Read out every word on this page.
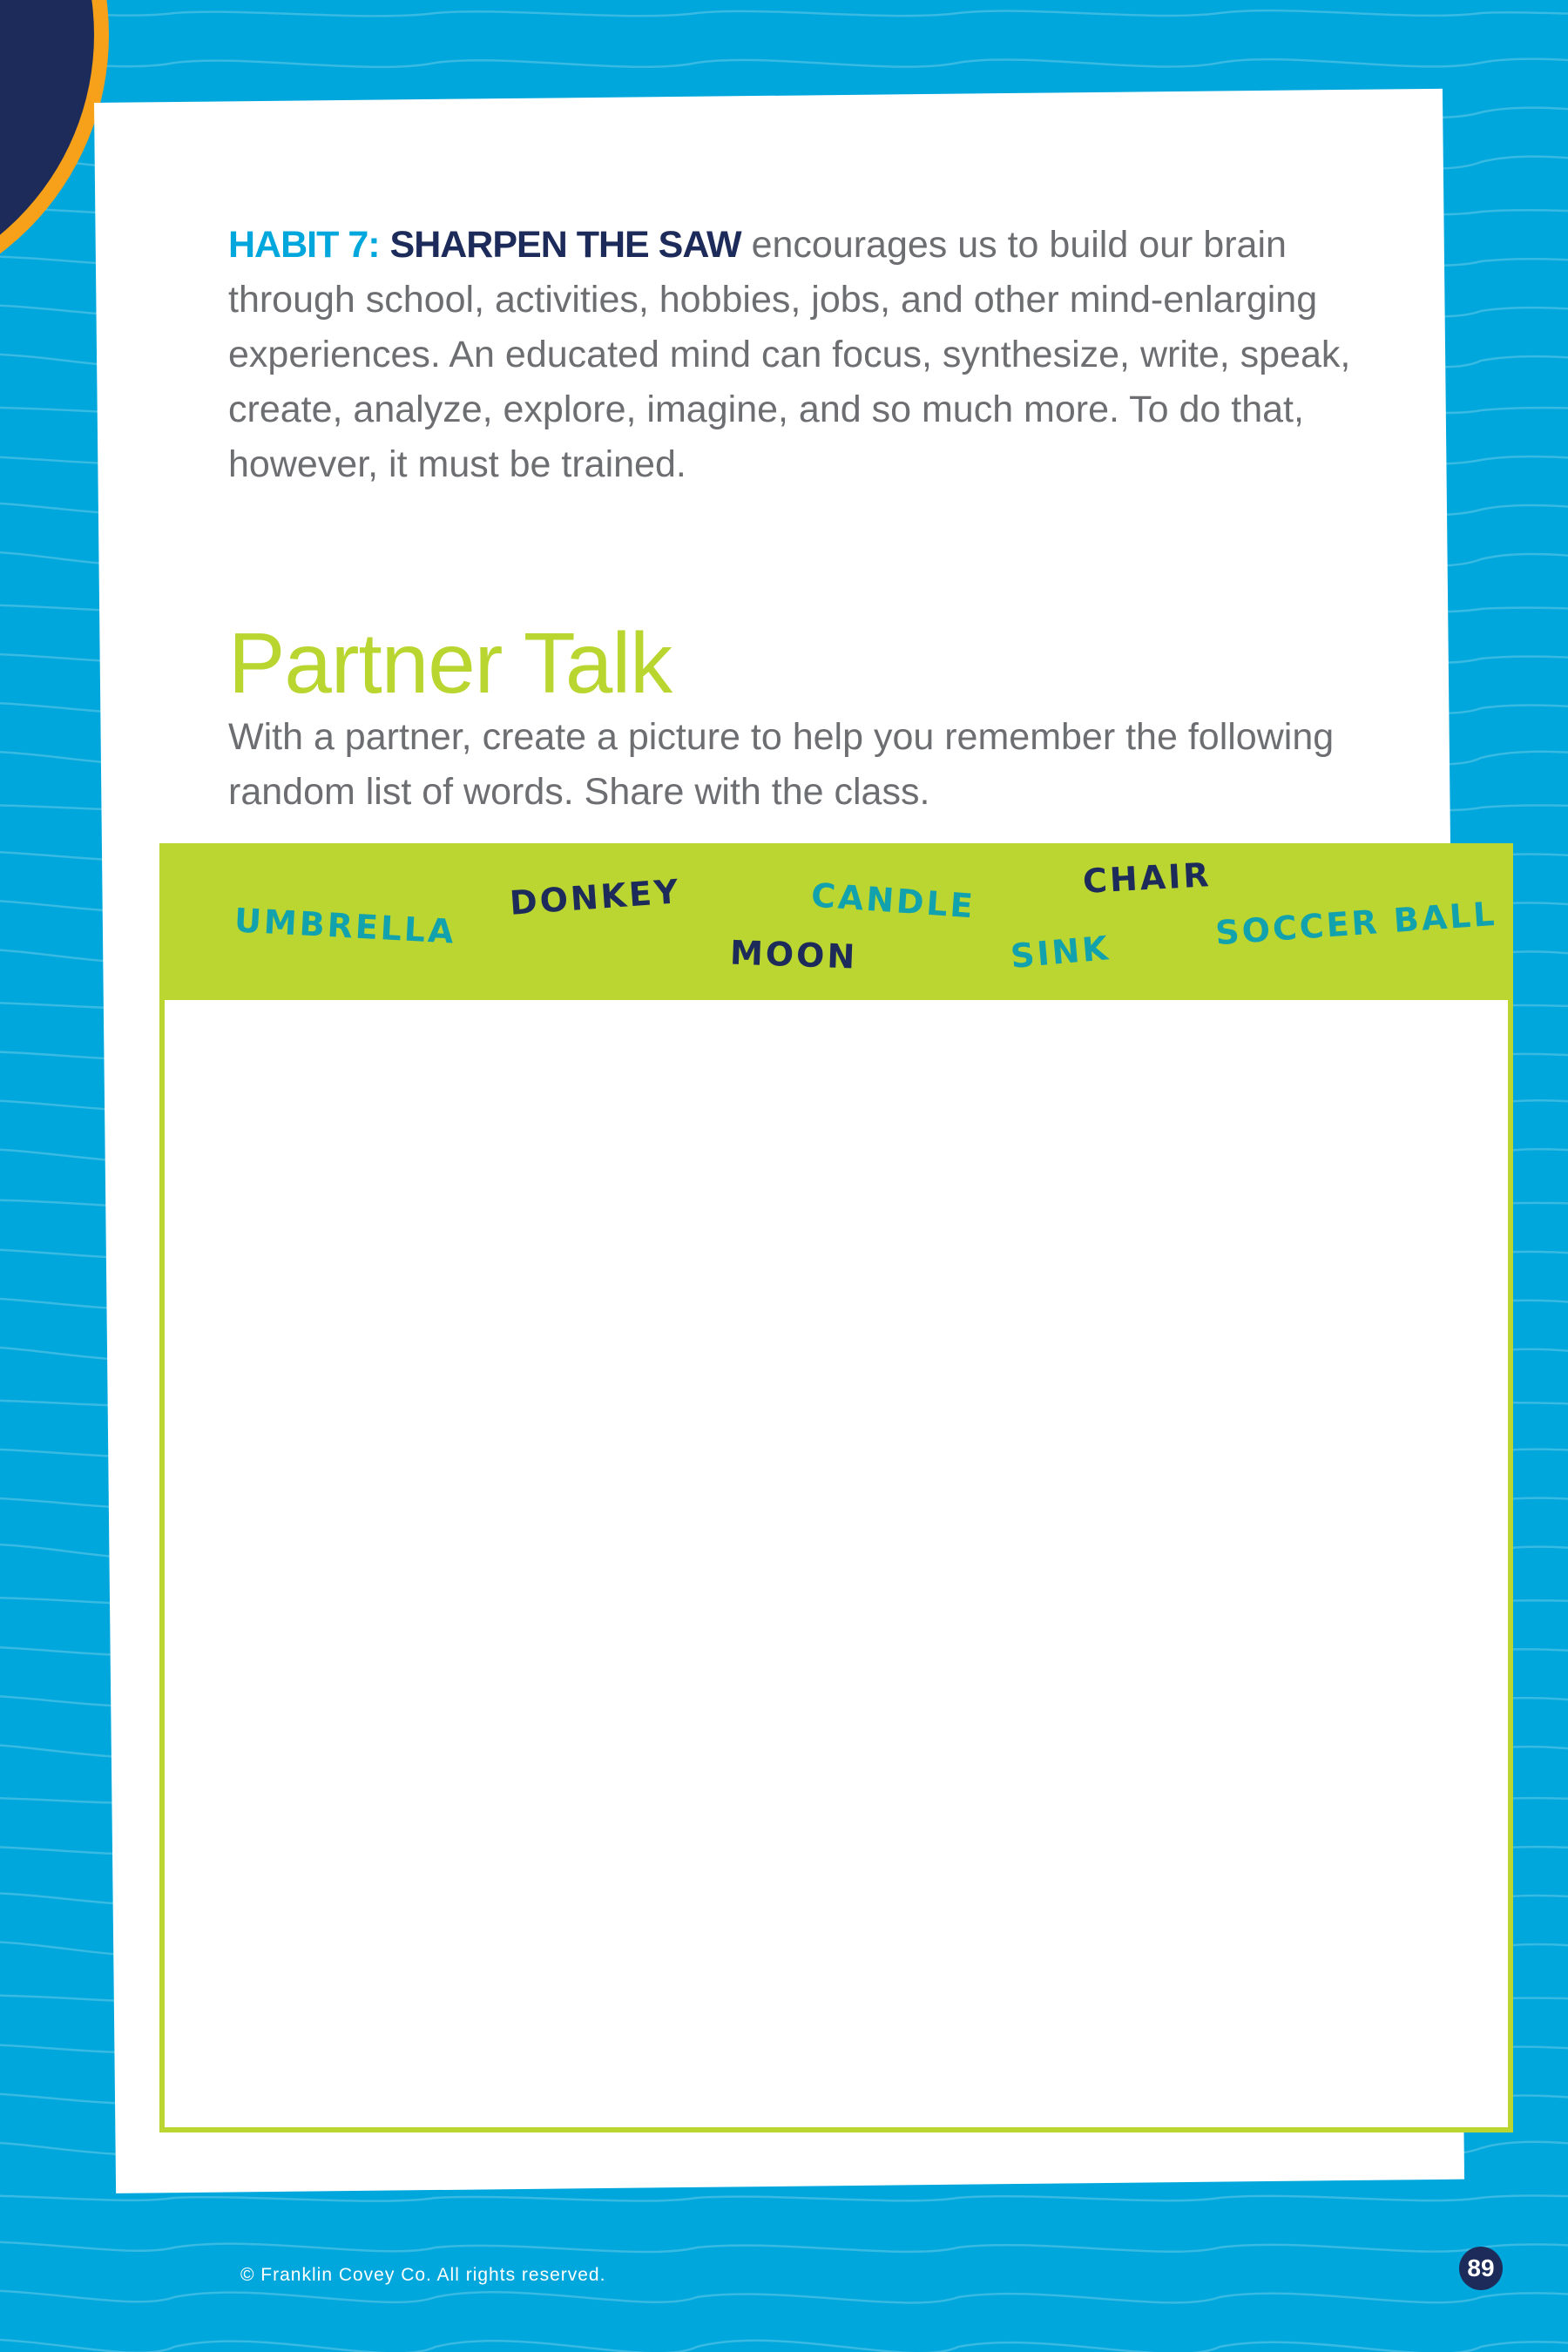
HABIT 7: SHARPEN THE SAW encourages us to build our brain through school, activities, hobbies, jobs, and other mind-enlarging experiences. An educated mind can focus, synthesize, write, speak, create, analyze, explore, imagine, and so much more. To do that, however, it must be trained.

Partner Talk

With a partner, create a picture to help you remember the following random list of words. Share with the class.

UMBRELLA
DONKEY
MOON
CANDLE	CHAIR
SINK	SOCCER BALL

© Franklin Covey Co. All rights reserved.	89
